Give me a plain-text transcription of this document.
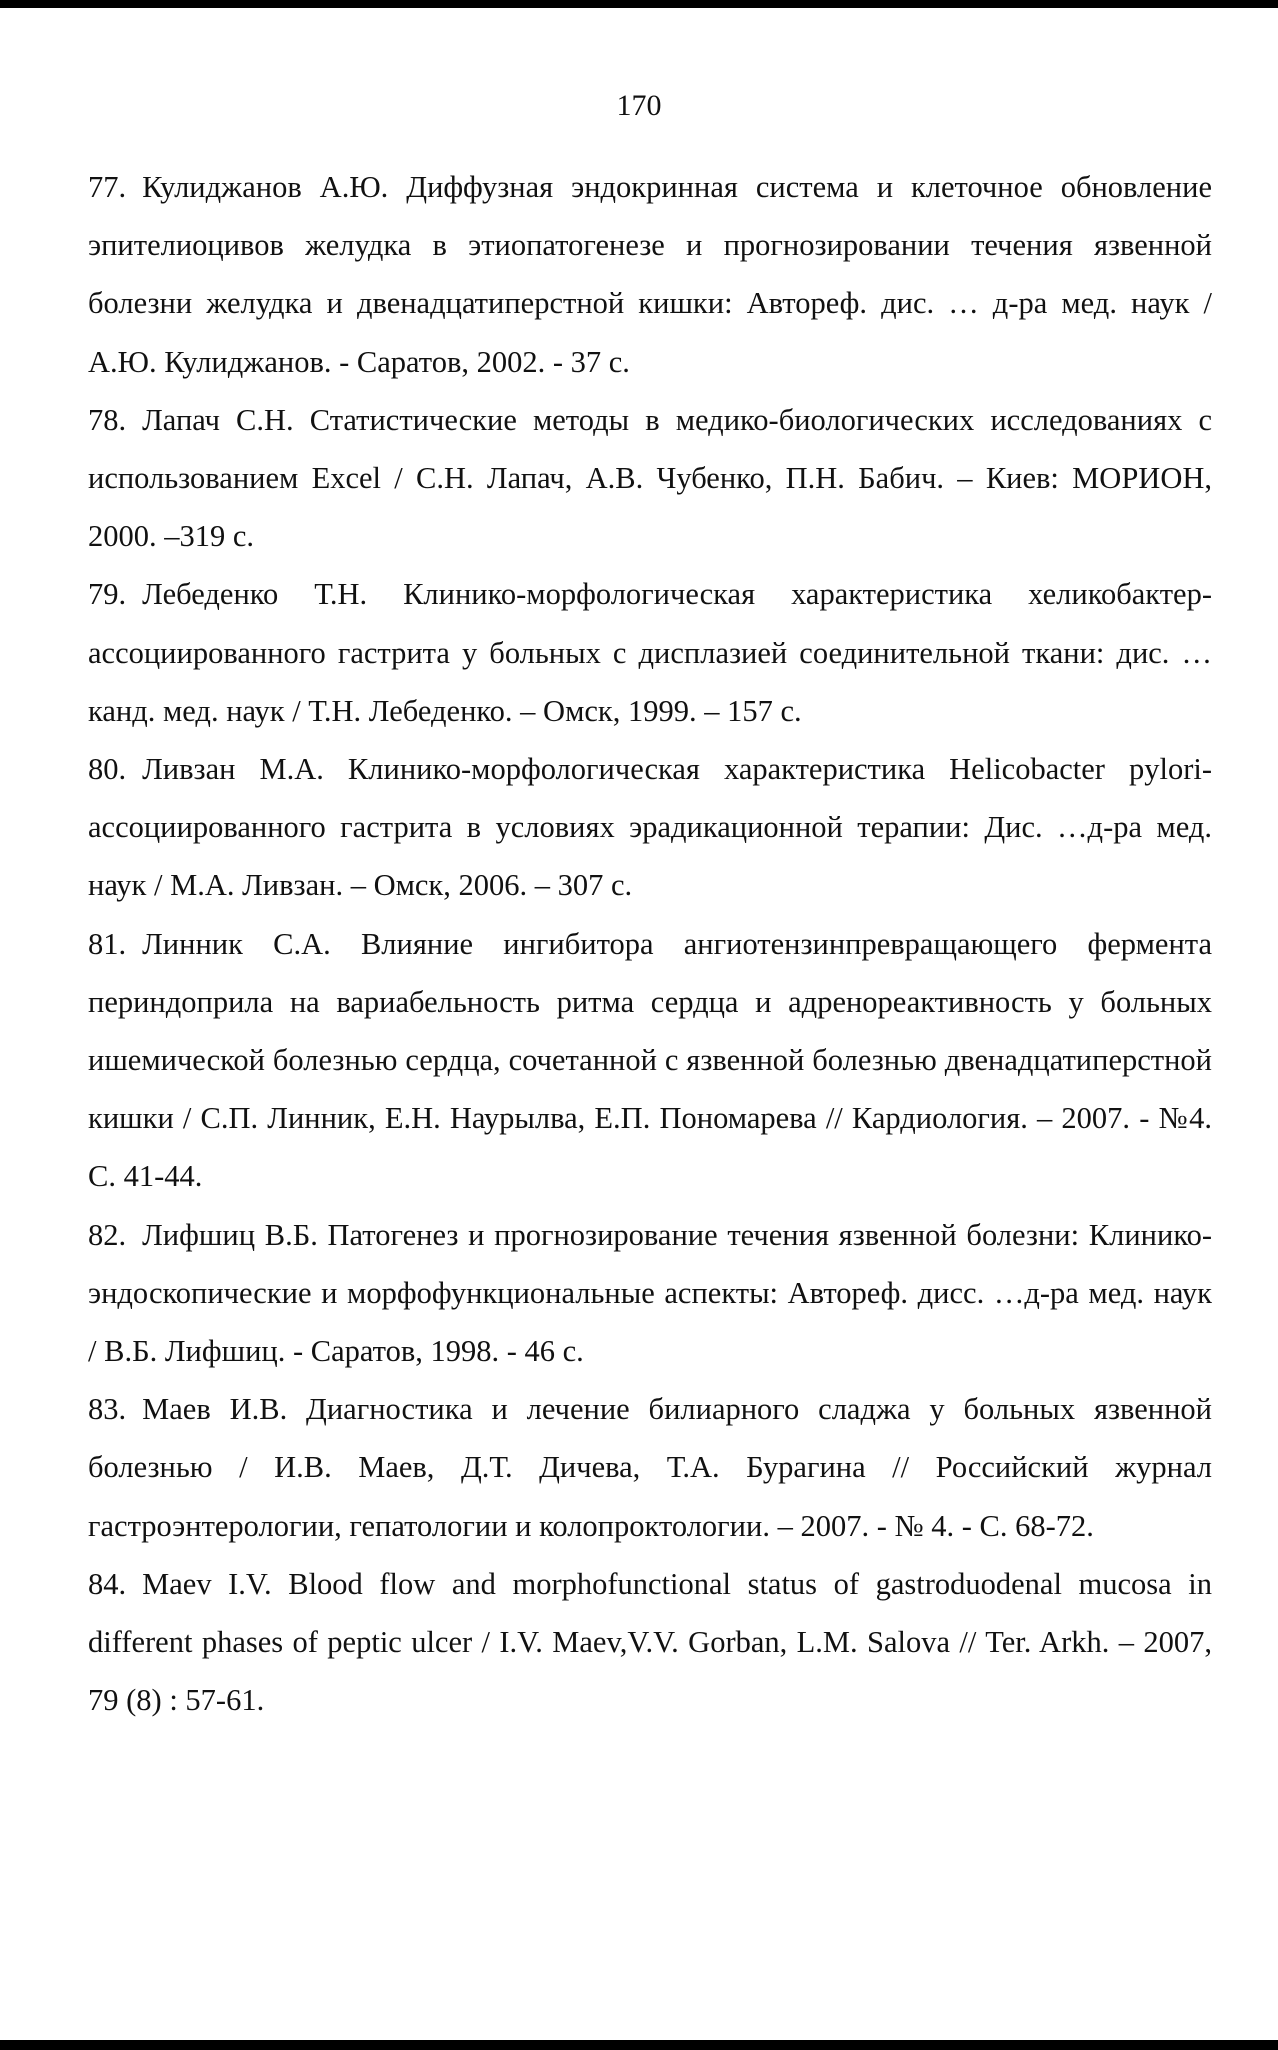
170

77. Кулиджанов А.Ю. Диффузная эндокринная система и клеточное обновление эпителиоцивов желудка в этиопатогенезе и прогнозировании течения язвенной болезни желудка и двенадцатиперстной кишки: Автореф. дис. … д-ра мед. наук / А.Ю. Кулиджанов. - Саратов, 2002. - 37 с.

78. Лапач С.Н. Статистические методы в медико-биологических исследованиях с использованием Excel / С.Н. Лапач, А.В. Чубенко, П.Н. Бабич. – Киев: МОРИОН, 2000. –319 с.

79. Лебеденко Т.Н. Клинико-морфологическая характеристика хеликобактер-ассоциированного гастрита у больных с дисплазией соединительной ткани: дис. …канд. мед. наук / Т.Н. Лебеденко. – Омск, 1999. – 157 с.

80. Ливзан М.А. Клинико-морфологическая характеристика Helicobacter pylori-ассоциированного гастрита в условиях эрадикационной терапии: Дис. …д-ра мед. наук / М.А. Ливзан. – Омск, 2006. – 307 с.

81. Линник С.А. Влияние ингибитора ангиотензинпревращающего фермента периндоприла на вариабельность ритма сердца и адренореактивность у больных ишемической болезнью сердца, сочетанной с язвенной болезнью двенадцатиперстной кишки / С.П. Линник, Е.Н. Наурылва, Е.П. Пономарева // Кардиология. – 2007. - №4. С. 41-44.

82. Лифшиц В.Б. Патогенез и прогнозирование течения язвенной болезни: Клинико-эндоскопические и морфофункциональные аспекты: Автореф. дисс. …д-ра мед. наук / В.Б. Лифшиц. - Саратов, 1998. - 46 с.

83. Маев И.В. Диагностика и лечение билиарного сладжа у больных язвенной болезнью / И.В. Маев, Д.Т. Дичева, Т.А. Бурагина // Российский журнал гастроэнтерологии, гепатологии и колопроктологии. – 2007. - № 4. - С. 68-72.

84. Maev I.V. Blood flow and morphofunctional status of gastroduodenal mucosa in different phases of peptic ulcer / I.V. Maev,V.V. Gorban, L.M. Salova // Ter. Arkh. – 2007, 79 (8) : 57-61.
